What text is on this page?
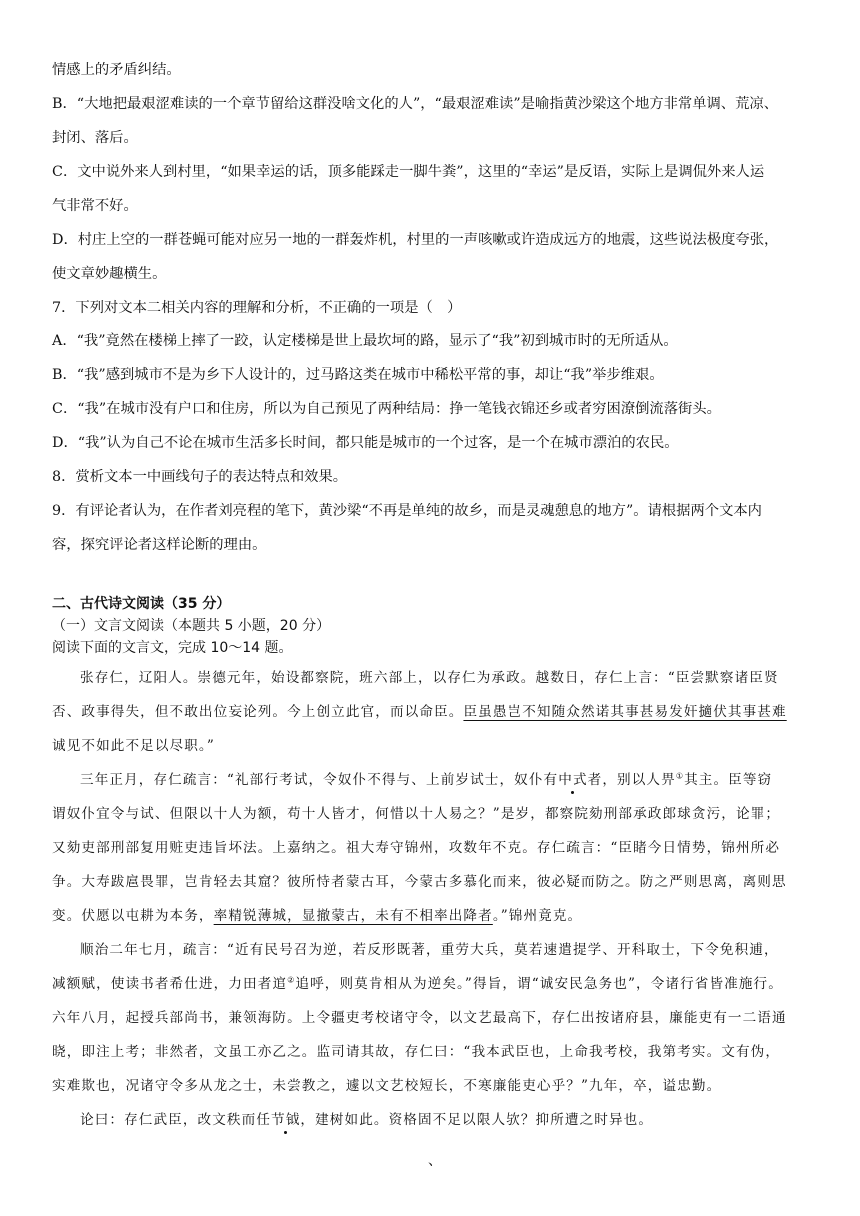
情感上的矛盾纠结。
B．“大地把最艰涩难读的一个章节留给这群没啥文化的人”，“最艰涩难读”是喻指黄沙梁这个地方非常单调、荒凉、
封闭、落后。
C．文中说外来人到村里，“如果幸运的话，顶多能踩走一脚牛粪”，这里的“幸运”是反语，实际上是调侃外来人运
气非常不好。
D．村庄上空的一群苍蝇可能对应另一地的一群轰炸机，村里的一声咳嗽或许造成远方的地震，这些说法极度夸张，
使文章妙趣横生。
7．下列对文本二相关内容的理解和分析，不正确的一项是（　）
A．“我”竟然在楼梯上摔了一跤，认定楼梯是世上最坎坷的路，显示了“我”初到城市时的无所适从。
B．“我”感到城市不是为乡下人设计的，过马路这类在城市中稀松平常的事，却让“我”举步维艰。
C．“我”在城市没有户口和住房，所以为自己预见了两种结局：挣一笔钱衣锦还乡或者穷困潦倒流落街头。
D．“我”认为自己不论在城市生活多长时间，都只能是城市的一个过客，是一个在城市漂泊的农民。
8．赏析文本一中画线句子的表达特点和效果。
9．有评论者认为，在作者刘亮程的笔下，黄沙梁“不再是单纯的故乡，而是灵魂憩息的地方”。请根据两个文本内
容，探究评论者这样论断的理由。
二、古代诗文阅读（35 分）
（一）文言文阅读（本题共 5 小题，20 分）
阅读下面的文言文，完成 10～14 题。
张存仁，辽阳人。崇德元年，始设都察院，班六部上，以存仁为承政。越数日，存仁上言：“臣尝默察诸臣贤
否、政事得失，但不敢出位妄论列。今上创立此官，而以命臣。臣虽愚岂不知随众然诺其事甚易发奸擿伏其事甚难
诚见不如此不足以尽职。”
三年正月，存仁疏言：“礼部行考试，令奴仆不得与、上前岁试士，奴仆有中式者，别以人畀①其主。臣等窃
谓奴仆宜令与试、但限以十人为额，苟十人皆才，何惜以十人易之？”是岁，都察院劾刑部承政郎球贪污，论罪；
又劾吏部刑部复用赃吏违旨坏法。上嘉纳之。祖大寿守锦州，攻数年不克。存仁疏言：“臣睹今日情势，锦州所必
争。大寿跋扈畏罪，岂肯轻去其窟？彼所恃者蒙古耳，今蒙古多慕化而来，彼必疑而防之。防之严则思离，离则思
变。伏愿以屯耕为本务，率精锐薄城，显撤蒙古，未有不相率出降者。”锦州竟克。
顺治二年七月，疏言：“近有民号召为逆，若反形既著，重劳大兵，莫若速遣提学、开科取士，下令免积逋，
减额赋，使读书者希仕进，力田者逭②追呼，则莫肯相从为逆矣。”得旨，谓“诚安民急务也”，令诸行省皆准施行。
六年八月，起授兵部尚书，兼领海防。上令疆吏考校诸守令，以文艺最高下，存仁出按诸府县，廉能吏有一二语通
晓，即注上考；非然者，文虽工亦乙之。监司请其故，存仁曰：“我本武臣也，上命我考校，我第考实。文有伪，
实难欺也，况诸守令多从龙之士，未尝教之，遽以文艺校短长，不寒廉能吏心乎？”九年，卒，谥忠勤。
论曰：存仁武臣，改文秩而任节钺，建树如此。资格固不足以限人欤？抑所遭之时异也。
、
